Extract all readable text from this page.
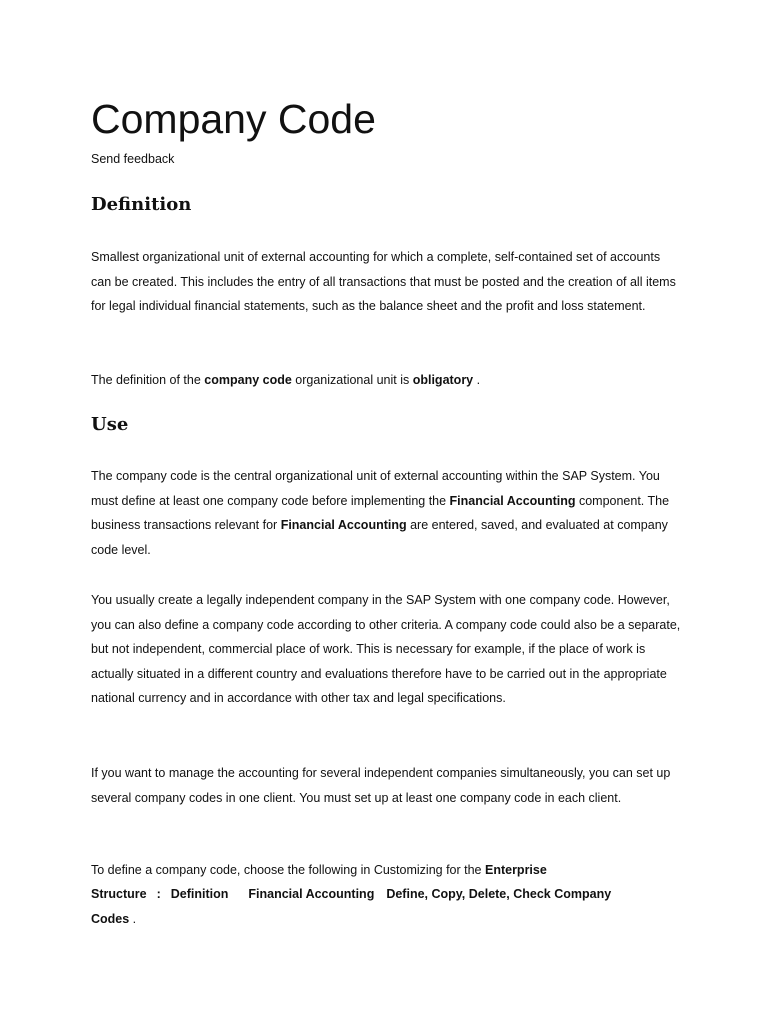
Company Code
Send feedback
Definition

Smallest organizational unit of external accounting for which a complete, self-contained set of accounts can be created. This includes the entry of all transactions that must be posted and the creation of all items for legal individual financial statements, such as the balance sheet and the profit and loss statement.

The definition of the company code organizational unit is obligatory .

Use

The company code is the central organizational unit of external accounting within the SAP System. You must define at least one company code before implementing the Financial Accounting component. The business transactions relevant for Financial Accounting are entered, saved, and evaluated at company code level.

You usually create a legally independent company in the SAP System with one company code. However, you can also define a company code according to other criteria. A company code could also be a separate, but not independent, commercial place of work. This is necessary for example, if the place of work is actually situated in a different country and evaluations therefore have to be carried out in the appropriate national currency and in accordance with other tax and legal specifications.

If you want to manage the accounting for several independent companies simultaneously, you can set up several company codes in one client. You must set up at least one company code in each client.

To define a company code, choose the following in Customizing for the Enterprise

Structure : Definition Financial Accounting Define, Copy, Delete, Check Company

Codes .
